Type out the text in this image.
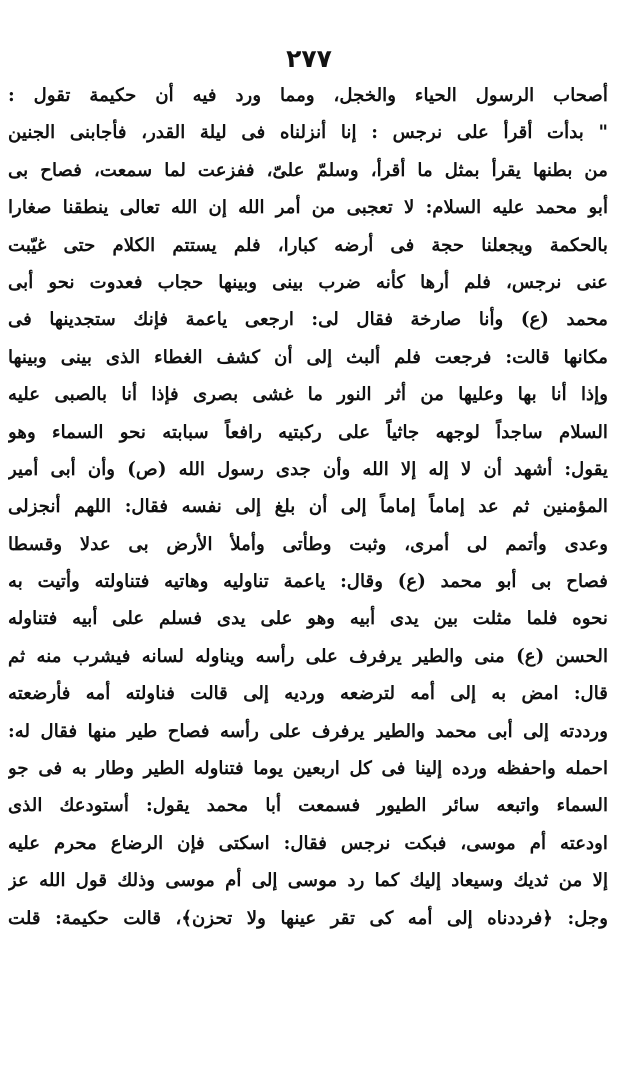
٢٧٧
أصحاب الرسول الحياء والخجل، ومما ورد فيه أن حكيمة تقول :
" بدأت أقرأ على نرجس : إنا أنزلناه فى ليلة القدر، فأجابنى الجنين
من بطنها يقرأ بمثل ما أقرأ، وسلمّ علىّ، ففزعت لما سمعت، فصاح بى
أبو محمد عليه السلام: لا تعجبى من أمر الله إن الله تعالى ينطقنا صغارا
بالحكمة ويجعلنا حجة فى أرضه كبارا، فلم يستتم الكلام حتى غيّبت
عنى نرجس، فلم أرها كأنه ضرب بينى وبينها حجاب فعدوت نحو أبى
محمد (ع) وأنا صارخة فقال لى: ارجعى ياعمة فإنك ستجدينها فى
مكانها قالت: فرجعت فلم ألبث إلى أن كشف الغطاء الذى بينى وبينها
وإذا أنا بها وعليها من أثر النور ما غشى بصرى فإذا أنا بالصبى عليه
السلام ساجداً لوجهه جاثياً على ركبتيه رافعاً سبابته نحو السماء وهو
يقول: أشهد أن لا إله إلا الله وأن جدى رسول الله (ص) وأن أبى أمير
المؤمنين ثم عد إماماً إماماً إلى أن بلغ إلى نفسه فقال: اللهم أنجزلى
وعدى وأتمم لى أمرى، وثبت وطأتى وأملأ الأرض بى عدلا وقسطا
فصاح بى أبو محمد (ع) وقال: ياعمة تناوليه وهاتيه فتناولته وأتيت به
نحوه فلما مثلت بين يدى أبيه وهو على يدى فسلم على أبيه فتناوله
الحسن (ع) منى والطير يرفرف على رأسه ويناوله لسانه فيشرب منه ثم
قال: امض به إلى أمه لترضعه ورديه إلى قالت فناولته أمه فأرضعته
ورددته إلى أبى محمد والطير يرفرف على رأسه فصاح طير منها فقال له:
احمله واحفظه ورده إلينا فى كل اربعين يوما فتناوله الطير وطار به فى جو
السماء واتبعه سائر الطيور فسمعت أبا محمد يقول: أستودعك الذى
اودعته أم موسى، فبكت نرجس فقال: اسكتى فإن الرضاع محرم عليه
إلا من ثديك وسيعاد إليك كما رد موسى إلى أم موسى وذلك قول الله عز
وجل: ﴿فرددناه إلى أمه كى تقر عينها ولا تحزن﴾، قالت حكيمة: قلت
